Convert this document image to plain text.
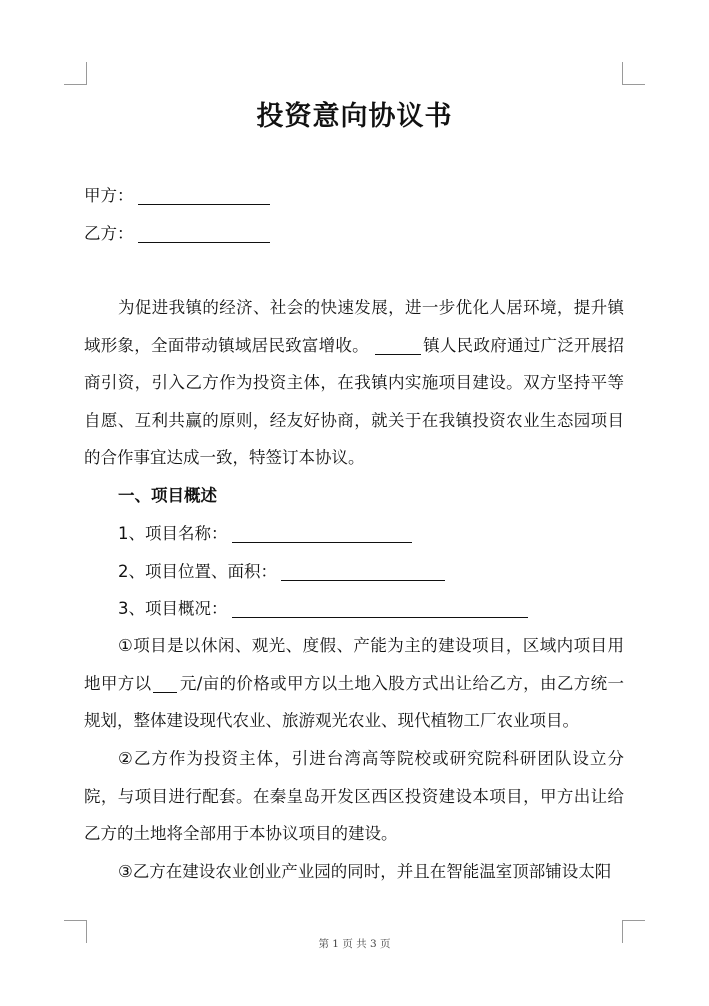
投资意向协议书
甲方：
乙方：
为促进我镇的经济、社会的快速发展，进一步优化人居环境，提升镇域形象，全面带动镇域居民致富增收。	镇人民政府通过广泛开展招商引资，引入乙方作为投资主体，在我镇内实施项目建设。双方坚持平等自愿、互利共赢的原则，经友好协商，就关于在我镇投资农业生态园项目的合作事宜达成一致，特签订本协议。
一、项目概述
1、项目名称：
2、项目位置、面积：
3、项目概况：
①项目是以休闲、观光、度假、产能为主的建设项目，区域内项目用地甲方以 元/亩的价格或甲方以土地入股方式出让给乙方，由乙方统一规划，整体建设现代农业、旅游观光农业、现代植物工厂农业项目。
②乙方作为投资主体，引进台湾高等院校或研究院科研团队设立分院，与项目进行配套。在秦皇岛开发区西区投资建设本项目，甲方出让给乙方的土地将全部用于本协议项目的建设。
③乙方在建设农业创业产业园的同时，并且在智能温室顶部铺设太阳
第 1 页 共 3 页
